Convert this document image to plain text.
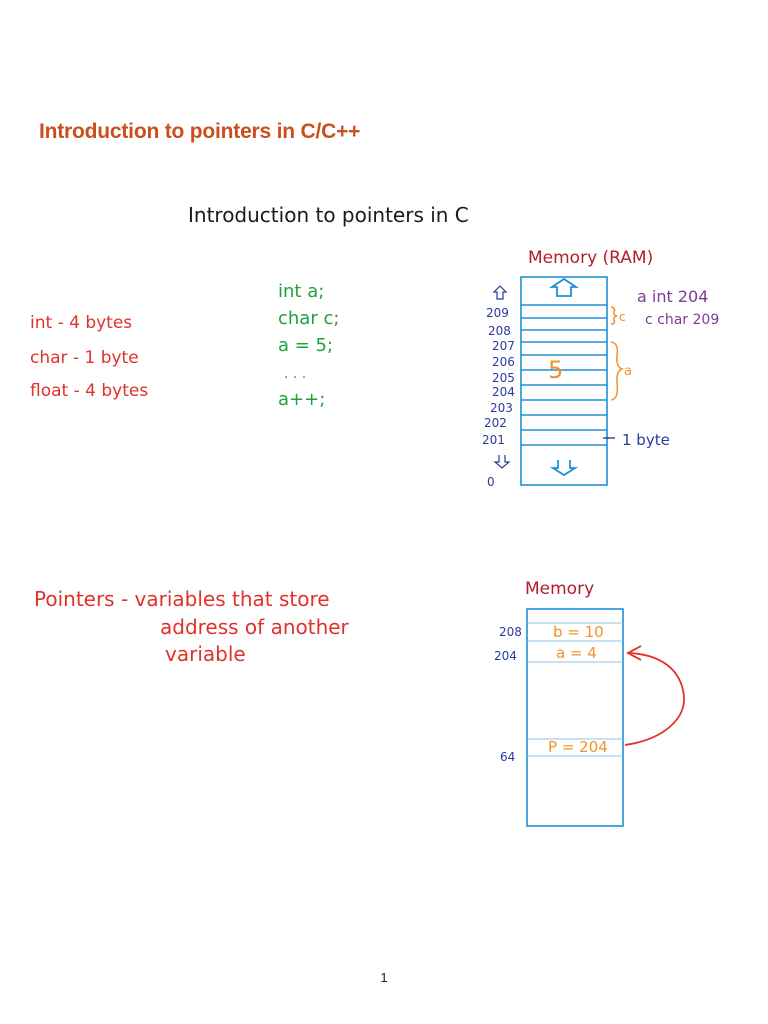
Introduction to pointers in C/C++
Introduction to pointers in C
int - 4 bytes
char - 1 byte
float - 4 bytes
int a;
char c;
a = 5;
. . .
a++;
Memory (RAM)
209
208
207
206
205
204
203
202
201
0
5
c
a
a int 204
c char 209
1 byte
Pointers - variables that store
address of another
variable
Memory
208
204
64
b = 10
a = 4
P = 204
1
